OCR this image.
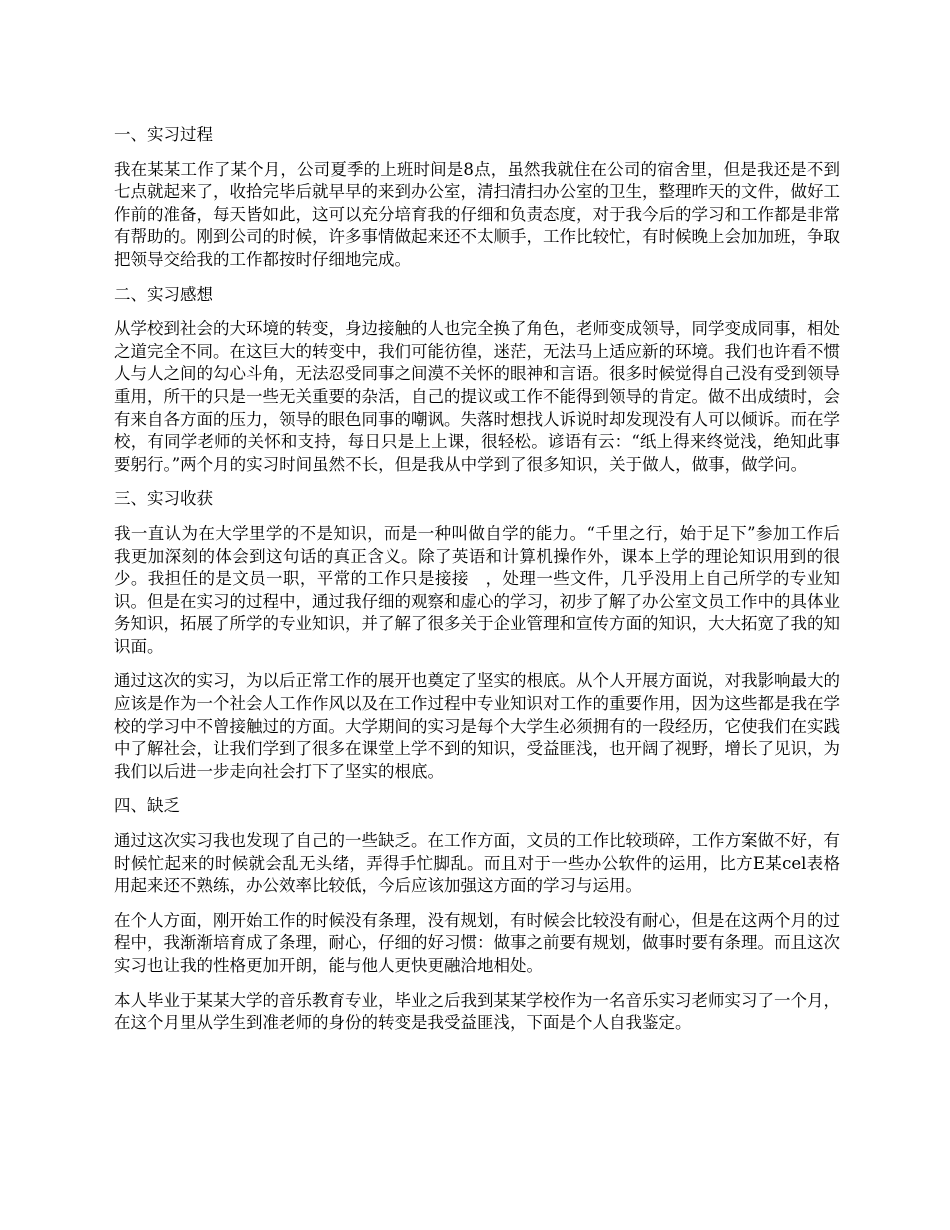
一、实习过程
我在某某工作了某个月，公司夏季的上班时间是8点，虽然我就住在公司的宿舍里，但是我还是不到七点就起来了，收拾完毕后就早早的来到办公室，清扫清扫办公室的卫生，整理昨天的文件，做好工作前的准备，每天皆如此，这可以充分培育我的仔细和负责态度，对于我今后的学习和工作都是非常有帮助的。刚到公司的时候，许多事情做起来还不太顺手，工作比较忙，有时候晚上会加加班，争取把领导交给我的工作都按时仔细地完成。
二、实习感想
从学校到社会的大环境的转变，身边接触的人也完全换了角色，老师变成领导，同学变成同事，相处之道完全不同。在这巨大的转变中，我们可能彷徨，迷茫，无法马上适应新的环境。我们也许看不惯人与人之间的勾心斗角，无法忍受同事之间漠不关怀的眼神和言语。很多时候觉得自己没有受到领导重用，所干的只是一些无关重要的杂活，自己的提议或工作不能得到领导的肯定。做不出成绩时，会有来自各方面的压力，领导的眼色同事的嘲讽。失落时想找人诉说时却发现没有人可以倾诉。而在学校，有同学老师的关怀和支持，每日只是上上课，很轻松。谚语有云：“纸上得来终觉浅，绝知此事要躬行。”两个月的实习时间虽然不长，但是我从中学到了很多知识，关于做人，做事，做学问。
三、实习收获
我一直认为在大学里学的不是知识，而是一种叫做自学的能力。“千里之行，始于足下”参加工作后我更加深刻的体会到这句话的真正含义。除了英语和计算机操作外，课本上学的理论知识用到的很少。我担任的是文员一职，平常的工作只是接接　，处理一些文件，几乎没用上自己所学的专业知识。但是在实习的过程中，通过我仔细的观察和虚心的学习，初步了解了办公室文员工作中的具体业务知识，拓展了所学的专业知识，并了解了很多关于企业管理和宣传方面的知识，大大拓宽了我的知识面。
通过这次的实习，为以后正常工作的展开也奠定了坚实的根底。从个人开展方面说，对我影响最大的应该是作为一个社会人工作作风以及在工作过程中专业知识对工作的重要作用，因为这些都是我在学校的学习中不曾接触过的方面。大学期间的实习是每个大学生必须拥有的一段经历，它使我们在实践中了解社会，让我们学到了很多在课堂上学不到的知识，受益匪浅，也开阔了视野，增长了见识，为我们以后进一步走向社会打下了坚实的根底。
四、缺乏
通过这次实习我也发现了自己的一些缺乏。在工作方面，文员的工作比较琐碎，工作方案做不好，有时候忙起来的时候就会乱无头绪，弄得手忙脚乱。而且对于一些办公软件的运用，比方E某cel表格用起来还不熟练，办公效率比较低，今后应该加强这方面的学习与运用。
在个人方面，刚开始工作的时候没有条理，没有规划，有时候会比较没有耐心，但是在这两个月的过程中，我渐渐培育成了条理，耐心，仔细的好习惯：做事之前要有规划，做事时要有条理。而且这次实习也让我的性格更加开朗，能与他人更快更融洽地相处。
本人毕业于某某大学的音乐教育专业，毕业之后我到某某学校作为一名音乐实习老师实习了一个月，在这个月里从学生到准老师的身份的转变是我受益匪浅，下面是个人自我鉴定。
